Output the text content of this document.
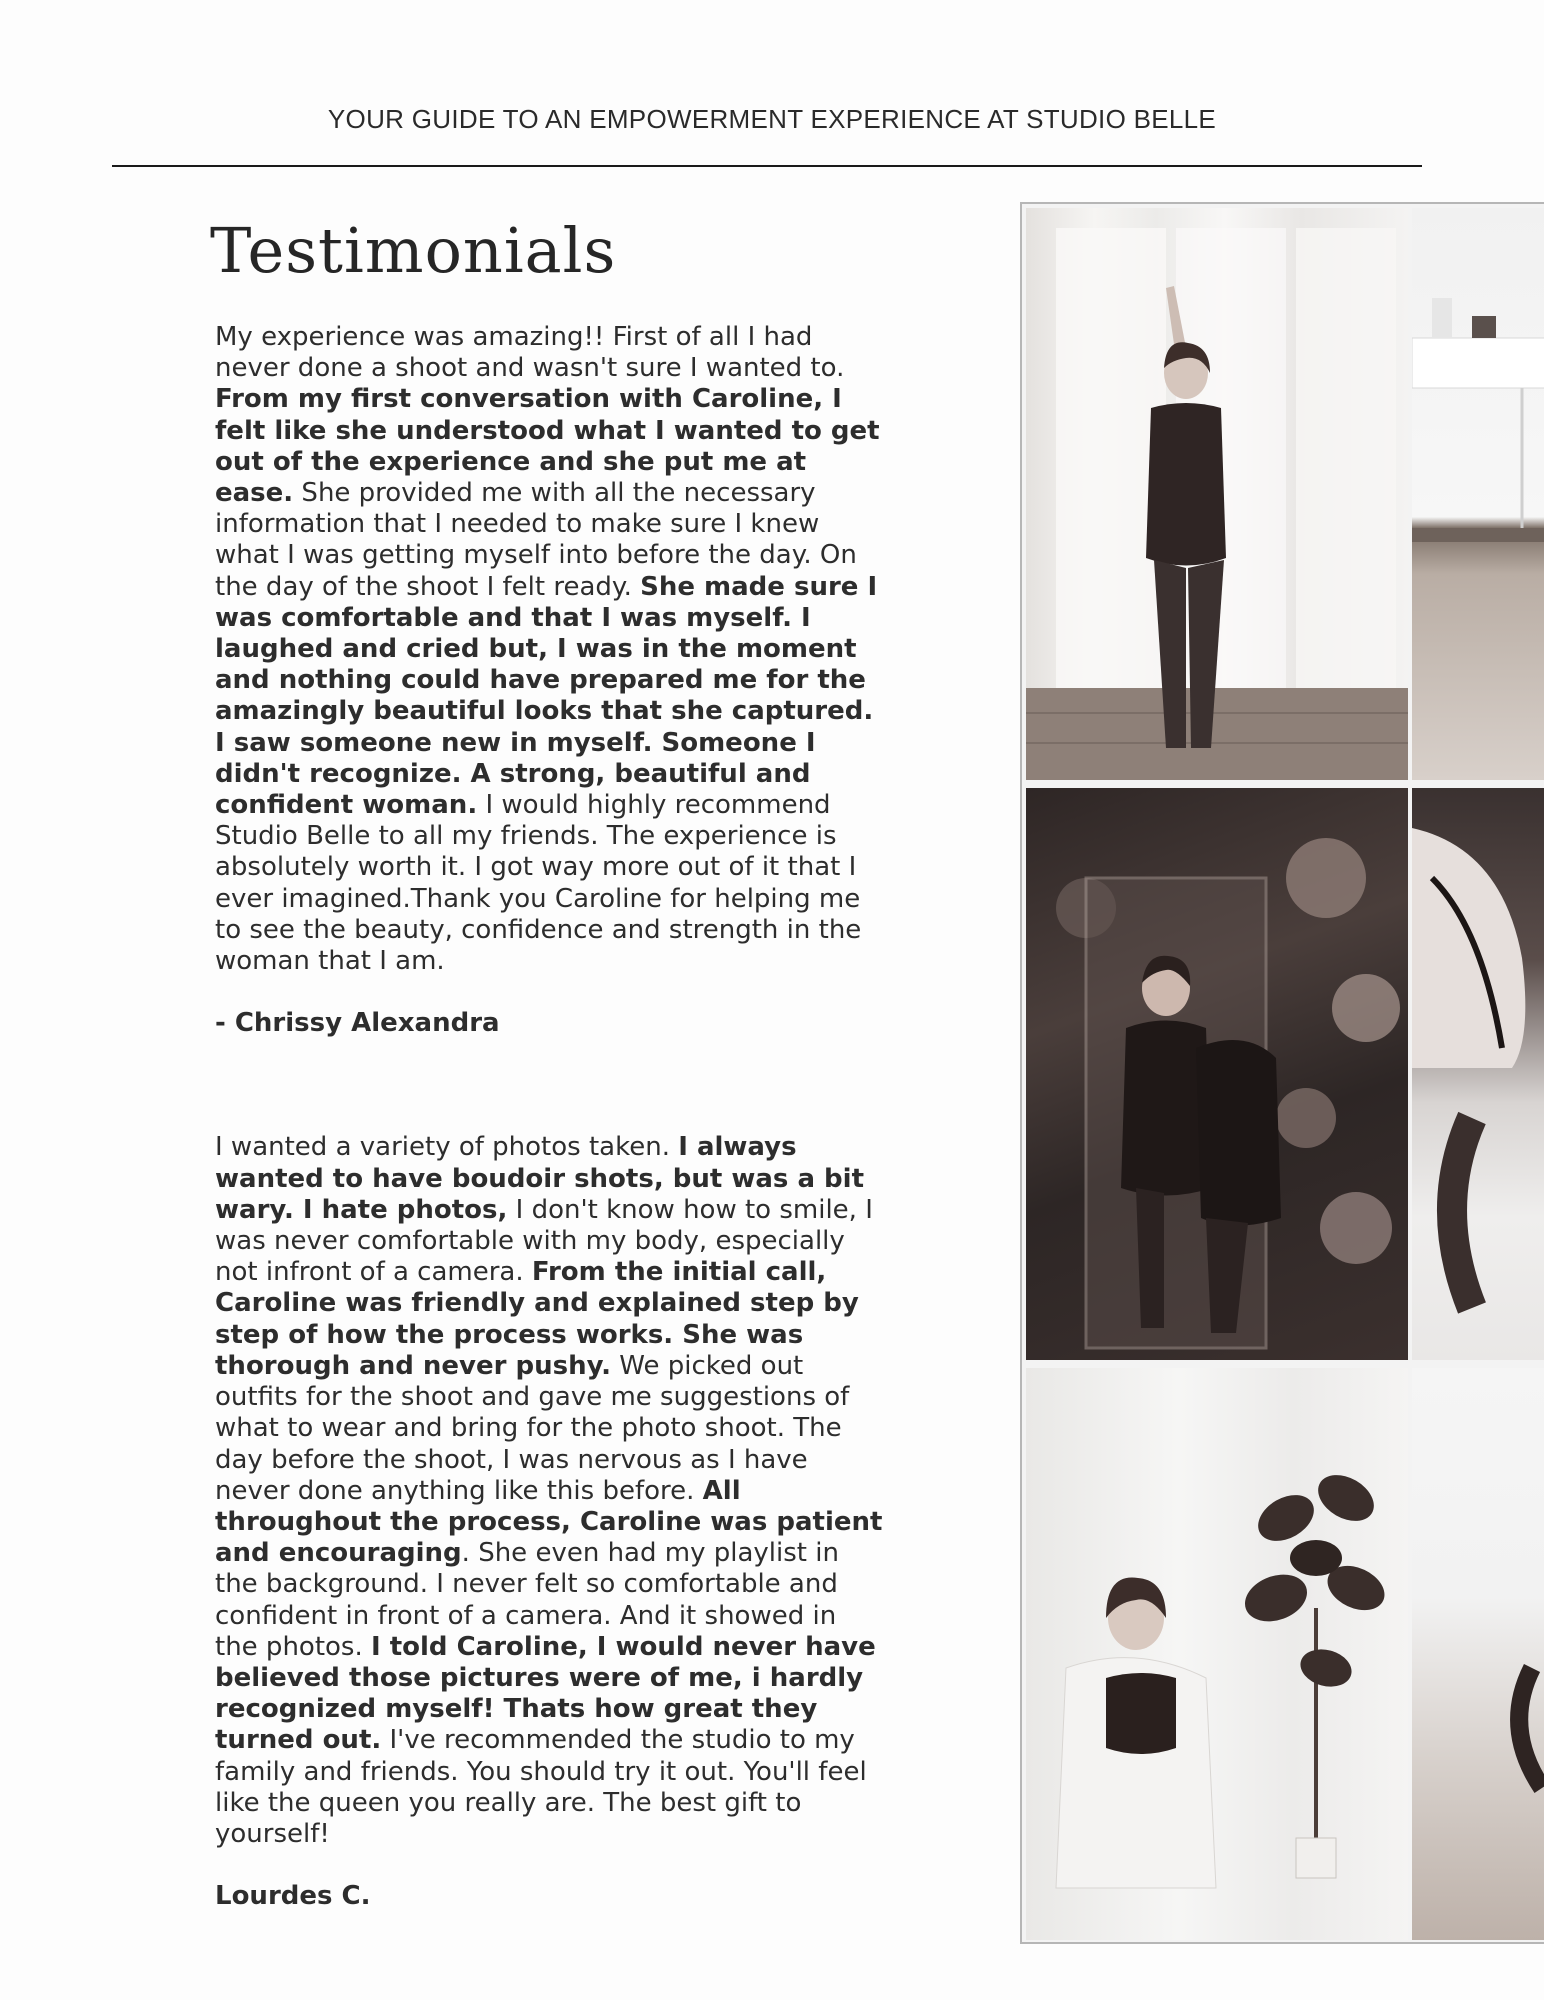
YOUR GUIDE TO AN EMPOWERMENT EXPERIENCE AT STUDIO BELLE
Testimonials

My experience was amazing!! First of all I had never done a shoot and wasn't sure I wanted to. From my first conversation with Caroline, I felt like she understood what I wanted to get out of the experience and she put me at ease. She provided me with all the necessary information that I needed to make sure I knew what I was getting myself into before the day. On the day of the shoot I felt ready. She made sure I was comfortable and that I was myself. I laughed and cried but, I was in the moment and nothing could have prepared me for the amazingly beautiful looks that she captured. I saw someone new in myself. Someone I didn't recognize. A strong, beautiful and confident woman. I would highly recommend Studio Belle to all my friends. The experience is absolutely worth it. I got way more out of it that I ever imagined.Thank you Caroline for helping me to see the beauty, confidence and strength in the woman that I am.

- Chrissy Alexandra

I wanted a variety of photos taken. I always wanted to have boudoir shots, but was a bit wary. I hate photos, I don't know how to smile, I was never comfortable with my body, especially not infront of a camera. From the initial call, Caroline was friendly and explained step by step of how the process works. She was thorough and never pushy. We picked out outfits for the shoot and gave me suggestions of what to wear and bring for the photo shoot. The day before the shoot, I was nervous as I have never done anything like this before. All throughout the process, Caroline was patient and encouraging. She even had my playlist in the background. I never felt so comfortable and confident in front of a camera. And it showed in the photos. I told Caroline, I would never have believed those pictures were of me, i hardly recognized myself! Thats how great they turned out. I've recommended the studio to my family and friends. You should try it out. You'll feel like the queen you really are. The best gift to yourself!

Lourdes C.
